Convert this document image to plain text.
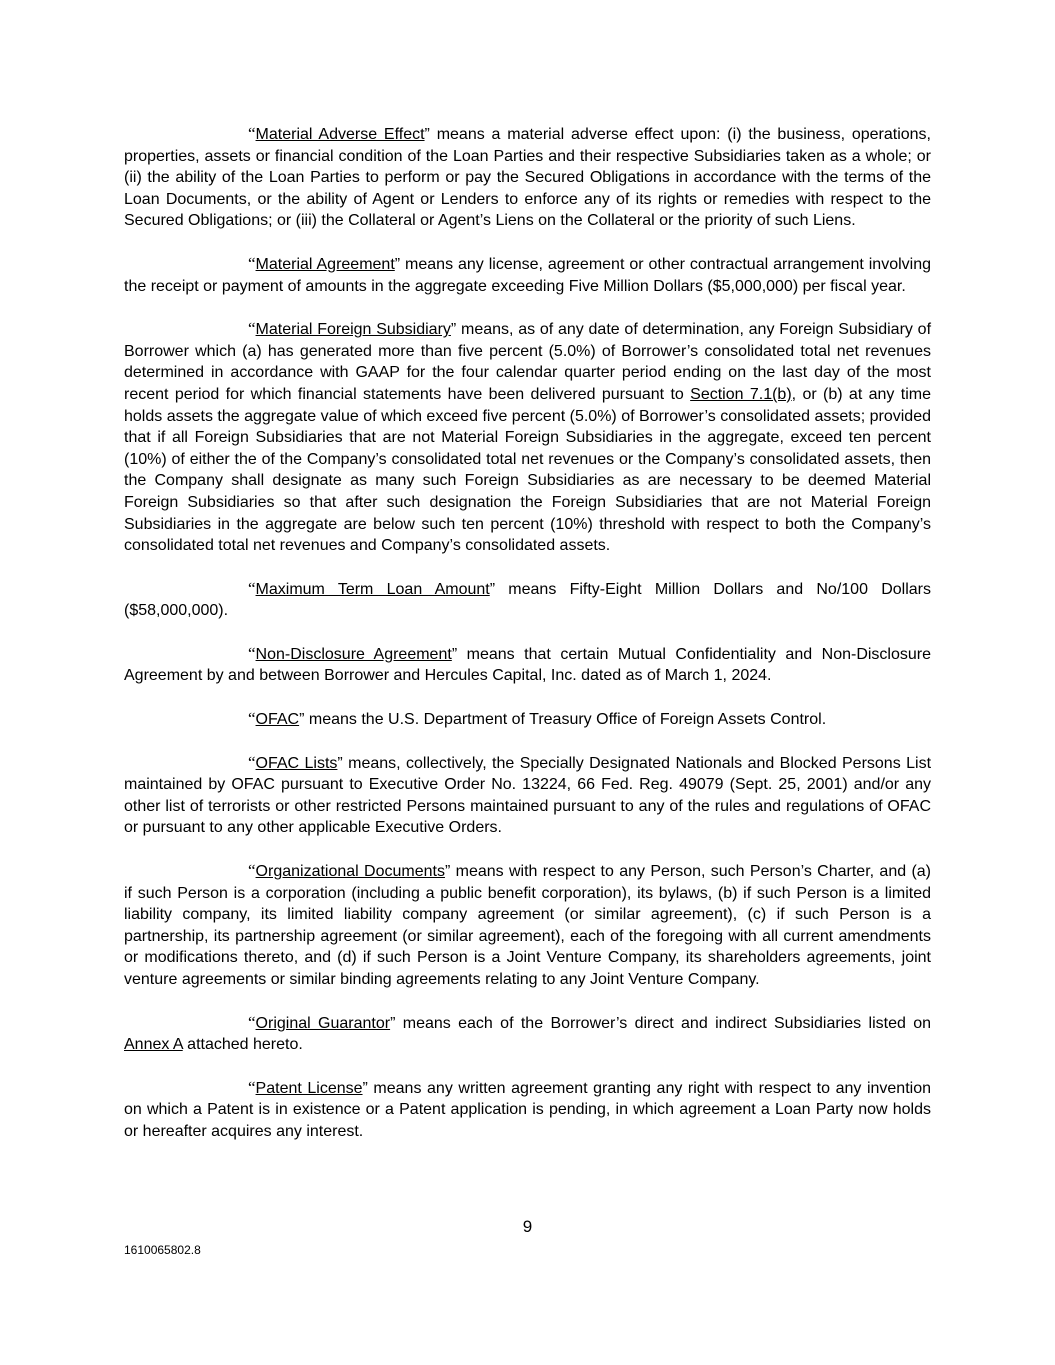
“Material Adverse Effect” means a material adverse effect upon: (i) the business, operations, properties, assets or financial condition of the Loan Parties and their respective Subsidiaries taken as a whole; or (ii) the ability of the Loan Parties to perform or pay the Secured Obligations in accordance with the terms of the Loan Documents, or the ability of Agent or Lenders to enforce any of its rights or remedies with respect to the Secured Obligations; or (iii) the Collateral or Agent’s Liens on the Collateral or the priority of such Liens.

“Material Agreement” means any license, agreement or other contractual arrangement involving the receipt or payment of amounts in the aggregate exceeding Five Million Dollars ($5,000,000) per fiscal year.

“Material Foreign Subsidiary” means, as of any date of determination, any Foreign Subsidiary of Borrower which (a) has generated more than five percent (5.0%) of Borrower’s consolidated total net revenues determined in accordance with GAAP for the four calendar quarter period ending on the last day of the most recent period for which financial statements have been delivered pursuant to Section 7.1(b), or (b) at any time holds assets the aggregate value of which exceed five percent (5.0%) of Borrower’s consolidated assets; provided that if all Foreign Subsidiaries that are not Material Foreign Subsidiaries in the aggregate, exceed ten percent (10%) of either the of the Company’s consolidated total net revenues or the Company’s consolidated assets, then the Company shall designate as many such Foreign Subsidiaries as are necessary to be deemed Material Foreign Subsidiaries so that after such designation the Foreign Subsidiaries that are not Material Foreign Subsidiaries in the aggregate are below such ten percent (10%) threshold with respect to both the Company’s consolidated total net revenues and Company’s consolidated assets.

“Maximum Term Loan Amount” means Fifty-Eight Million Dollars and No/100 Dollars ($58,000,000).

“Non-Disclosure Agreement” means that certain Mutual Confidentiality and Non-Disclosure Agreement by and between Borrower and Hercules Capital, Inc. dated as of March 1, 2024.

“OFAC” means the U.S. Department of Treasury Office of Foreign Assets Control.

“OFAC Lists” means, collectively, the Specially Designated Nationals and Blocked Persons List maintained by OFAC pursuant to Executive Order No. 13224, 66 Fed. Reg. 49079 (Sept. 25, 2001) and/or any other list of terrorists or other restricted Persons maintained pursuant to any of the rules and regulations of OFAC or pursuant to any other applicable Executive Orders.

“Organizational Documents” means with respect to any Person, such Person’s Charter, and (a) if such Person is a corporation (including a public benefit corporation), its bylaws, (b) if such Person is a limited liability company, its limited liability company agreement (or similar agreement), (c) if such Person is a partnership, its partnership agreement (or similar agreement), each of the foregoing with all current amendments or modifications thereto, and (d) if such Person is a Joint Venture Company, its shareholders agreements, joint venture agreements or similar binding agreements relating to any Joint Venture Company.

“Original Guarantor” means each of the Borrower’s direct and indirect Subsidiaries listed on Annex A attached hereto.

“Patent License” means any written agreement granting any right with respect to any invention on which a Patent is in existence or a Patent application is pending, in which agreement a Loan Party now holds or hereafter acquires any interest.

9
1610065802.8
